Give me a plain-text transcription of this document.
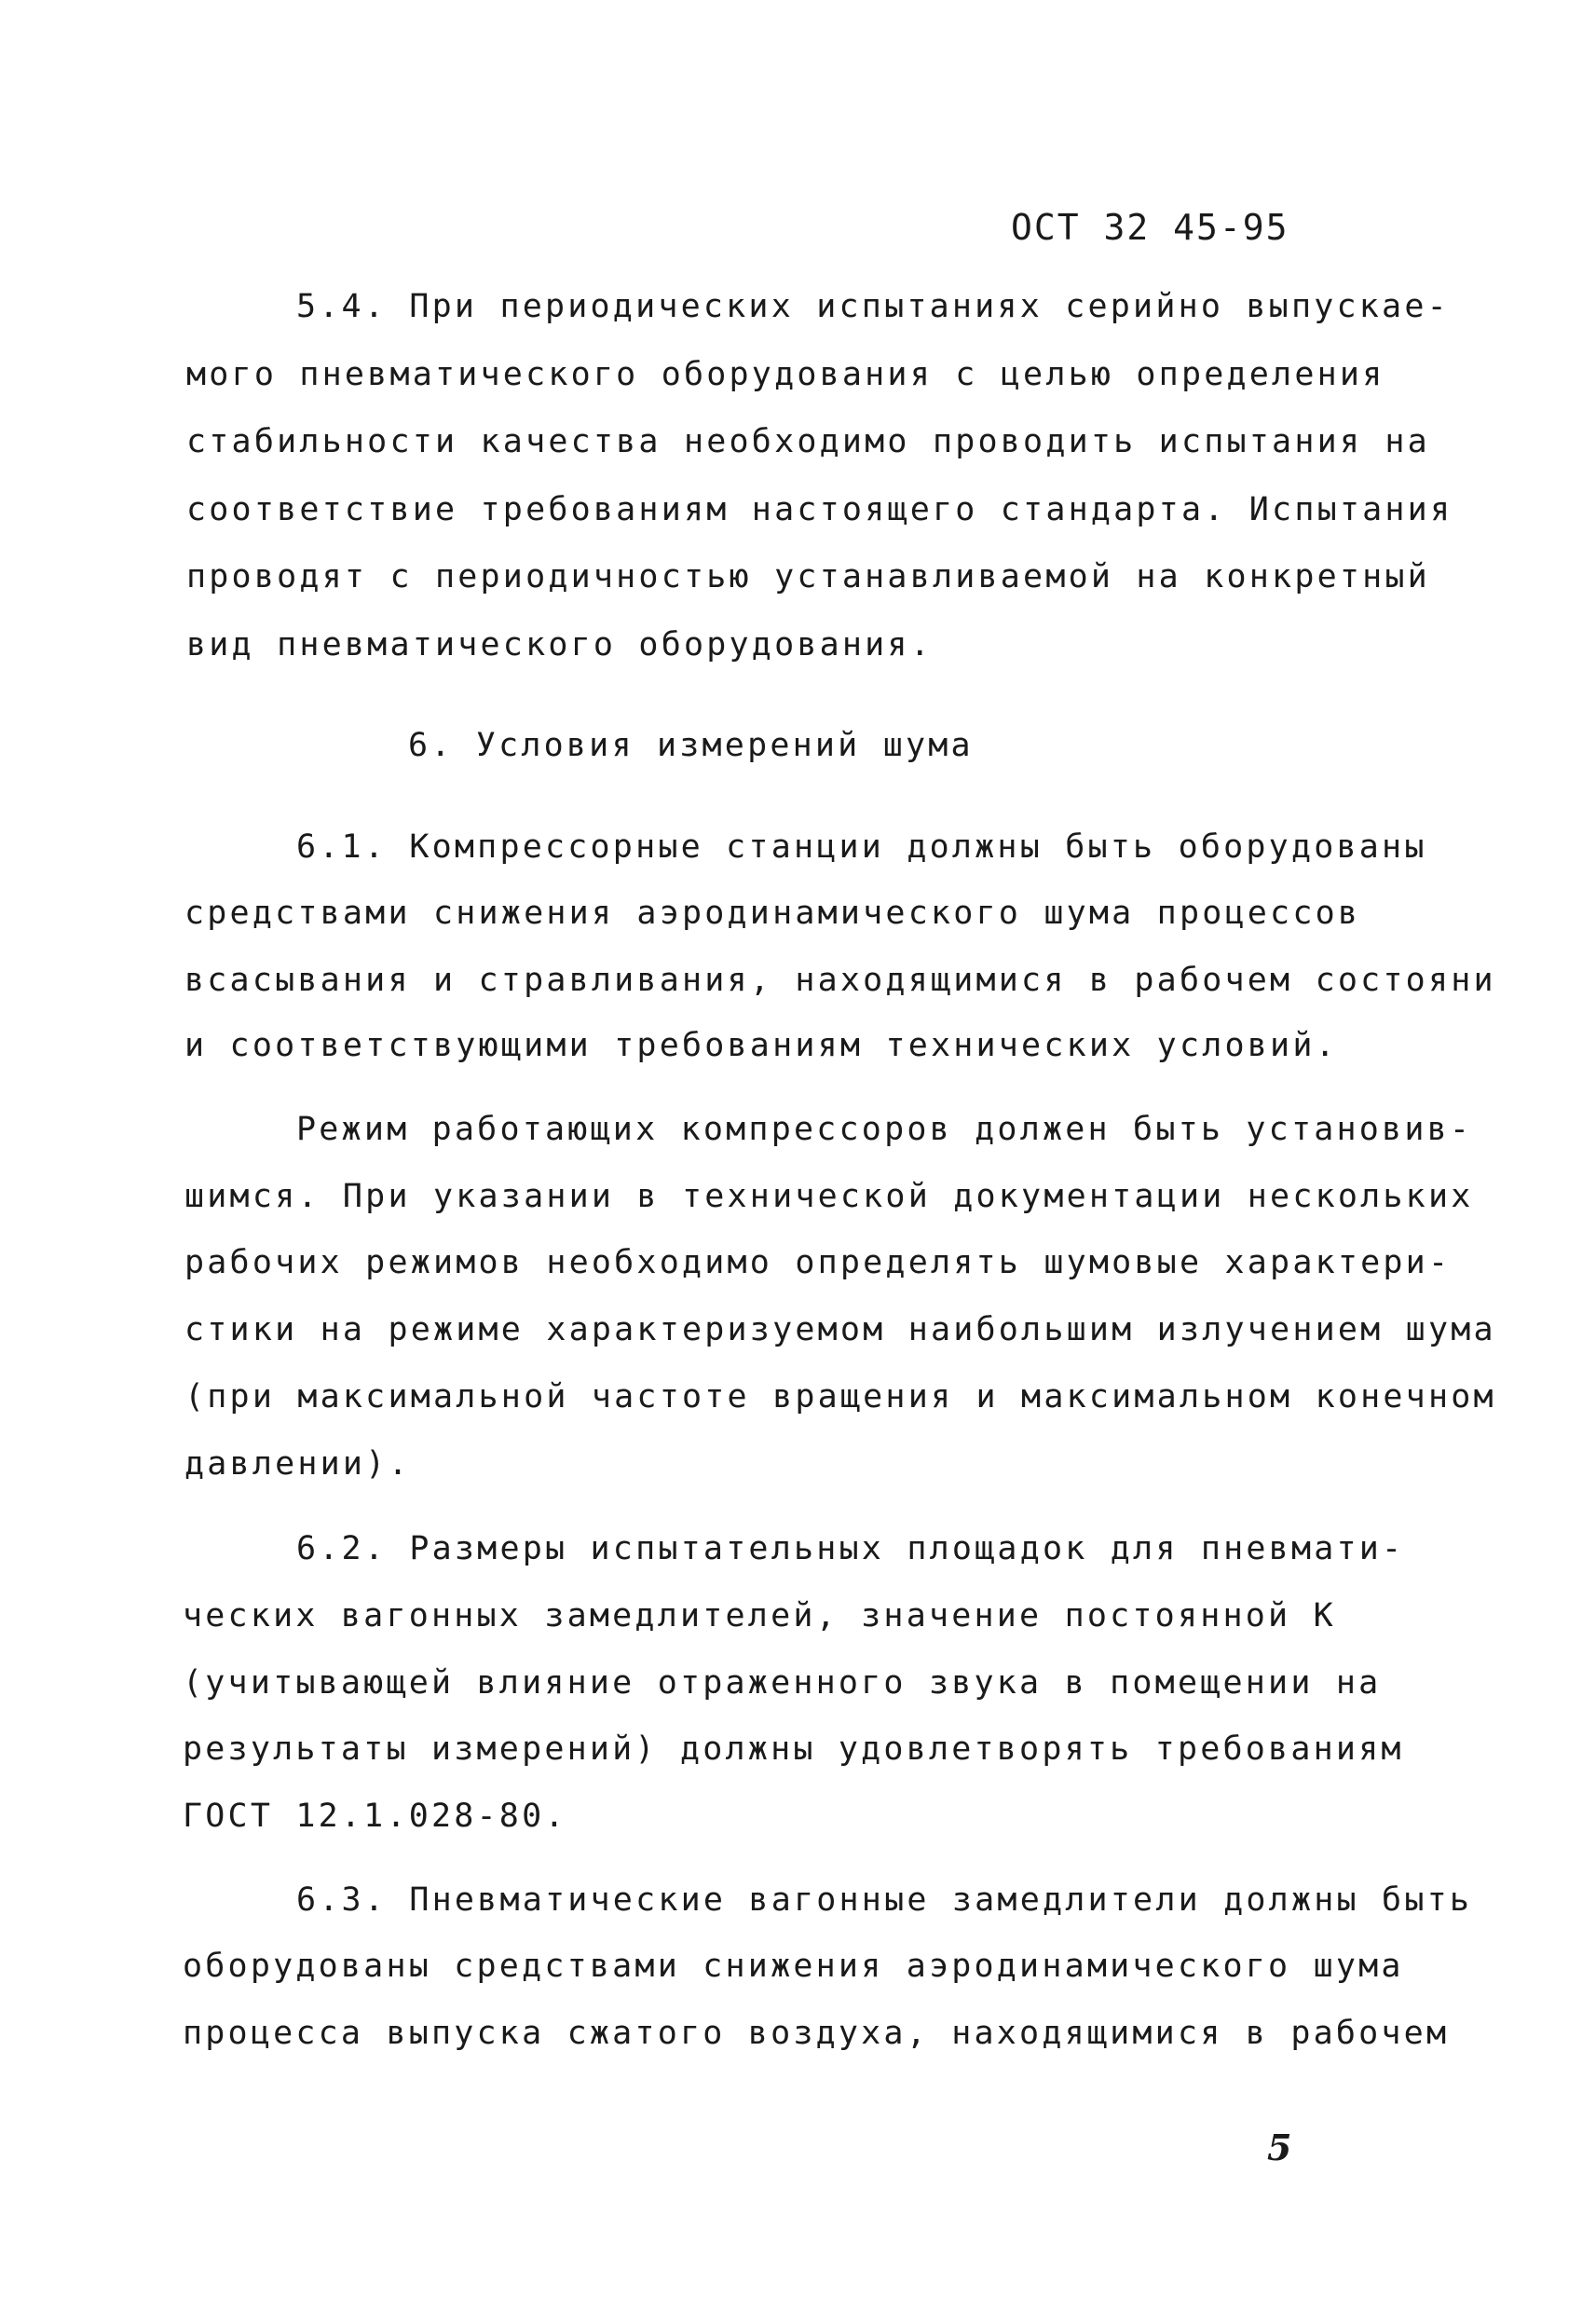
ОСТ 32 45-95
5.4. При периодических испытаниях серийно выпускае-
мого пневматического оборудования с целью определения
стабильности качества необходимо проводить испытания на
соответствие требованиям настоящего стандарта. Испытания
проводят с периодичностью устанавливаемой на конкретный
вид пневматического оборудования.
6. Условия измерений шума
6.1. Компрессорные станции должны быть оборудованы
средствами снижения аэродинамического шума процессов
всасывания и стравливания, находящимися в рабочем состояни
и соответствующими требованиям технических условий.
Режим работающих компрессоров должен быть установив-
шимся. При указании в технической документации нескольких
рабочих режимов необходимо определять шумовые характери-
стики на режиме характеризуемом наибольшим излучением шума
(при максимальной частоте вращения и максимальном конечном
давлении).
6.2. Размеры испытательных площадок для пневмати-
ческих вагонных замедлителей, значение постоянной К
(учитывающей влияние отраженного звука в помещении на
результаты измерений) должны удовлетворять требованиям
ГОСТ 12.1.028-80.
6.3. Пневматические вагонные замедлители должны быть
оборудованы средствами снижения аэродинамического шума
процесса выпуска сжатого воздуха, находящимися в рабочем
5
